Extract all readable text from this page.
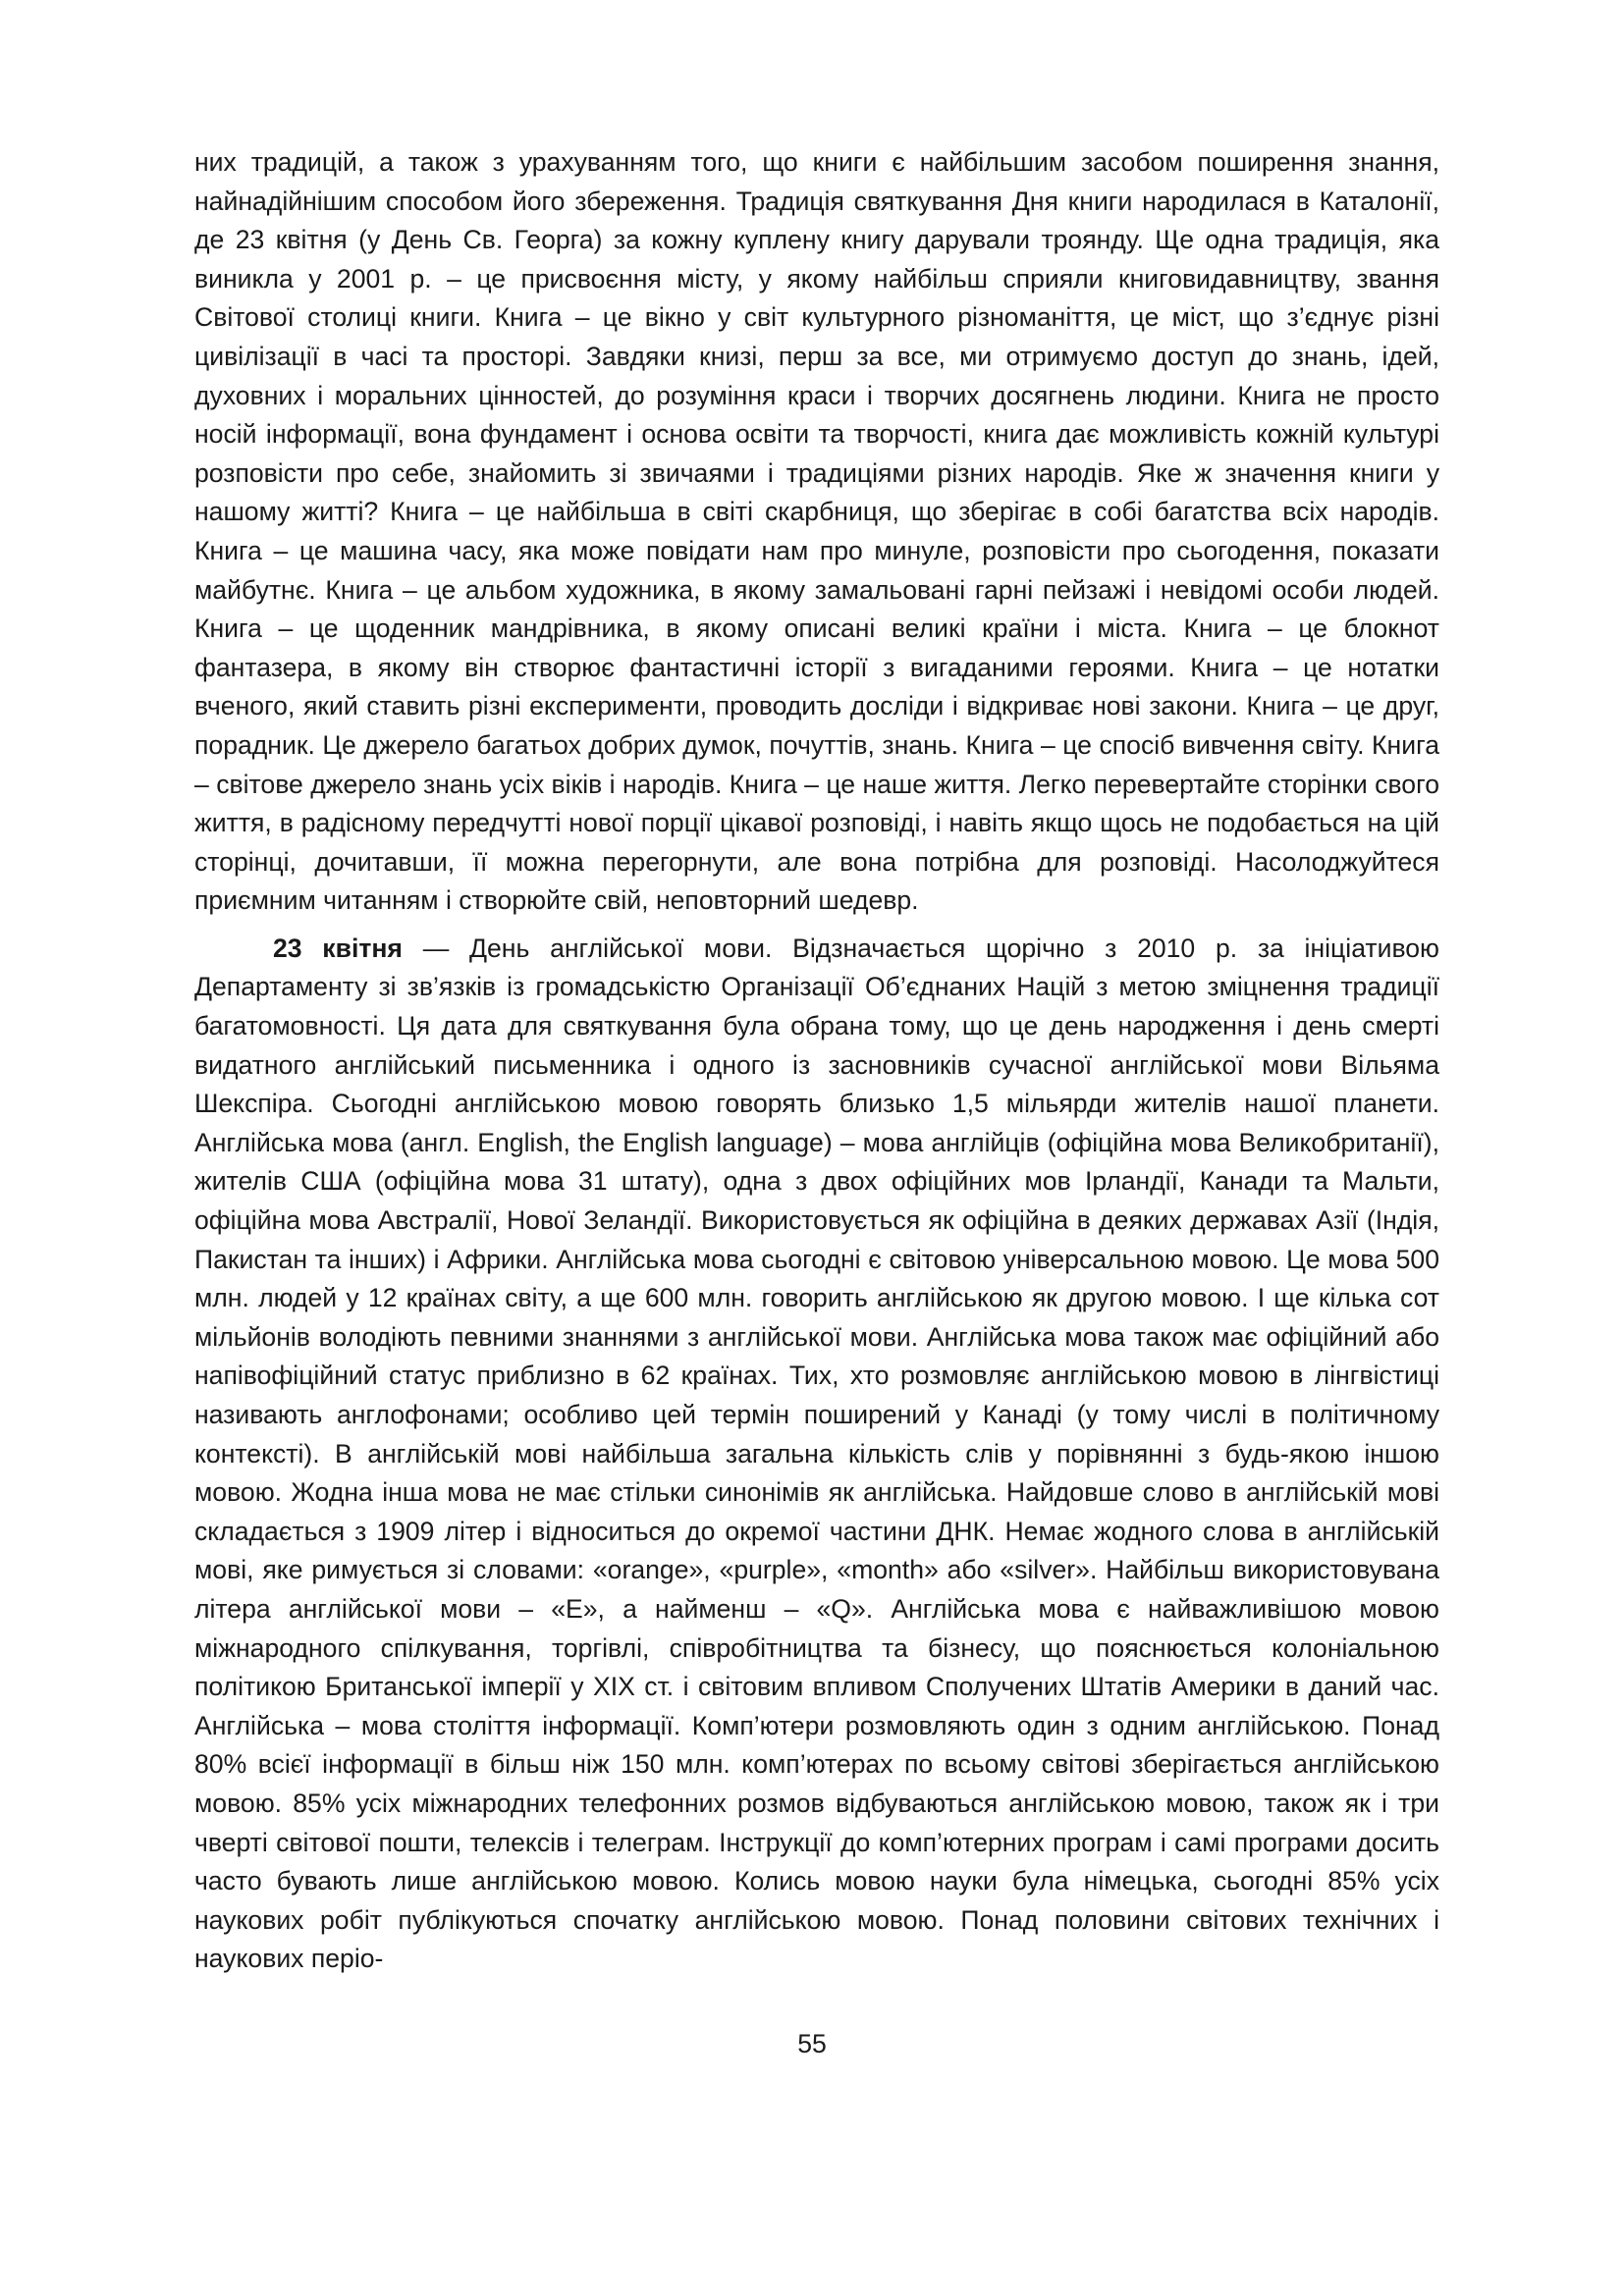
них традицій, а також з урахуванням того, що книги є найбільшим засобом поширення знання, найнадійнішим способом його збереження. Традиція святкування Дня книги народилася в Каталонії, де 23 квітня (у День Св. Георга) за кожну куплену книгу дарували троянду. Ще одна традиція, яка виникла у 2001 р. – це присвоєння місту, у якому найбільш сприяли книговидавництву, звання Світової столиці книги. Книга – це вікно у світ культурного різноманіття, це міст, що з’єднує різні цивілізації в часі та просторі. Завдяки книзі, перш за все, ми отримуємо доступ до знань, ідей, духовних і моральних цінностей, до розуміння краси і творчих досягнень людини. Книга не просто носій інформації, вона фундамент і основа освіти та творчості, книга дає можливість кожній культурі розповісти про себе, знайомить зі звичаями і традиціями різних народів. Яке ж значення книги у нашому житті? Книга – це найбільша в світі скарбниця, що зберігає в собі багатства всіх народів. Книга – це машина часу, яка може повідати нам про минуле, розповісти про сьогодення, показати майбутнє. Книга – це альбом художника, в якому замальовані гарні пейзажі і невідомі особи людей. Книга – це щоденник мандрівника, в якому описані великі країни і міста. Книга – це блокнот фантазера, в якому він створює фантастичні історії з вигаданими героями. Книга – це нотатки вченого, який ставить різні експерименти, проводить досліди і відкриває нові закони. Книга – це друг, порадник. Це джерело багатьох добрих думок, почуттів, знань. Книга – це спосіб вивчення світу. Книга – світове джерело знань усіх віків і народів. Книга – це наше життя. Легко перевертайте сторінки свого життя, в радісному передчутті нової порції цікавої розповіді, і навіть якщо щось не подобається на цій сторінці, дочитавши, її можна перегорнути, але вона потрібна для розповіді. Насолоджуйтеся приємним читанням і створюйте свій, неповторний шедевр.

23 квітня — День англійської мови. Відзначається щорічно з 2010 р. за ініціативою Департаменту зі зв’язків із громадськістю Організації Об’єднаних Націй з метою зміцнення традиції багатомовності. Ця дата для святкування була обрана тому, що це день народження і день смерті видатного англійський письменника і одного із засновників сучасної англійської мови Вільяма Шекспіра. Сьогодні англійською мовою говорять близько 1,5 мільярди жителів нашої планети. Англійська мова (англ. English, the English language) – мова англійців (офіційна мова Великобританії), жителів США (офіційна мова 31 штату), одна з двох офіційних мов Ірландії, Канади та Мальти, офіційна мова Австралії, Нової Зеландії. Використовується як офіційна в деяких державах Азії (Індія, Пакистан та інших) і Африки. Англійська мова сьогодні є світовою універсальною мовою. Це мова 500 млн. людей у 12 країнах світу, а ще 600 млн. говорить англійською як другою мовою. І ще кілька сот мільйонів володіють певними знаннями з англійської мови. Англійська мова також має офіційний або напівофіційний статус приблизно в 62 країнах. Тих, хто розмовляє англійською мовою в лінгвістиці називають англофонами; особливо цей термін поширений у Канаді (у тому числі в політичному контексті). В англійській мові найбільша загальна кількість слів у порівнянні з будь-якою іншою мовою. Жодна інша мова не має стільки синонімів як англійська. Найдовше слово в англійській мові складається з 1909 літер і відноситься до окремої частини ДНК. Немає жодного слова в англійській мові, яке римується зі словами: «orange», «purple», «month» або «silver». Найбільш використовувана літера англійської мови – «Е», а найменш – «Q». Англійська мова є найважливішою мовою міжнародного спілкування, торгівлі, співробітництва та бізнесу, що пояснюється колоніальною політикою Британської імперії у XIX ст. і світовим впливом Сполучених Штатів Америки в даний час. Англійська – мова століття інформації. Комп’ютери розмовляють один з одним англійською. Понад 80% всієї інформації в більш ніж 150 млн. комп’ютерах по всьому світові зберігається англійською мовою. 85% усіх міжнародних телефонних розмов відбуваються англійською мовою, також як і три чверті світової пошти, телексів і телеграм. Інструкції до комп’ютерних програм і самі програми досить часто бувають лише англійською мовою. Колись мовою науки була німецька, сьогодні 85% усіх наукових робіт публікуються спочатку англійською мовою. Понад половини світових технічних і наукових періо-

55
